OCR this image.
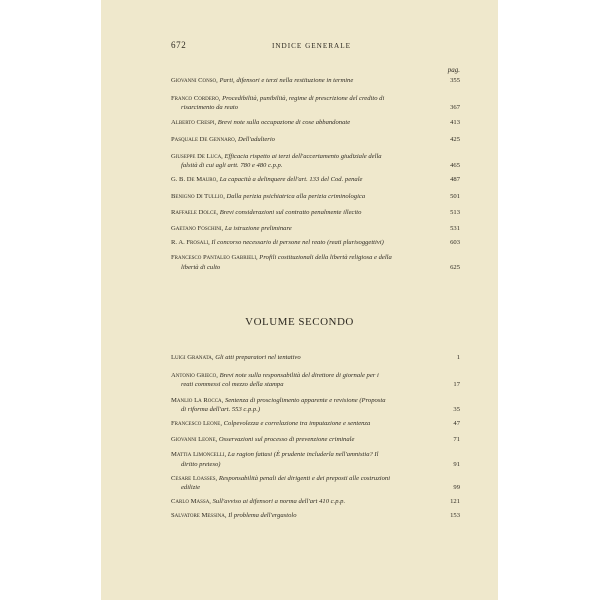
672	INDICE GENERALE
pag.
Giovanni Conso, Parti, difensori e terzi nella restituzione in termine	355
Franco Cordero, Procedibilità, punibilità, regime di prescrizione del credito di
risarcimento da reato	367
Alberto Crespi, Brevi note sulla occupazione di cose abbandonate	413
Pasquale De Gennaro, Dell'adulterio	425
Giuseppe De Luca, Efficacia rispetto ai terzi dell'accertamento giudiziale della
falsità di cui agli artt. 780 e 480 c.p.p.	465
G. B. De Mauro, La capacità a delinquere dell'art. 133 del Cod. penale	487
Benigno Di Tullio, Dalla perizia psichiatrica alla perizia criminologica	501
Raffaele Dolce, Brevi considerazioni sul contratto penalmente illecito	513
Gaetano Foschini, La istruzione preliminare	531
R. A. Frosali, Il concorso necessario di persone nel reato (reati plurisoggettivi)	603
Francesco Pantaleo Gabrieli, Profili costituzionali della libertà religiosa e della
libertà di culto	625
VOLUME SECONDO
Luigi Granata, Gli atti preparatori nel tentativo	1
Antonio Grieco, Brevi note sulla responsabilità del direttore di giornale per i
reati commessi col mezzo della stampa	17
Manlio La Rocca, Sentenza di proscioglimento apparente e revisione (Proposta
di riforma dell'art. 553 c.p.p.)	35
Francesco Leone, Colpevolezza e correlazione tra imputazione e sentenza	47
Giovanni Leone, Osservazioni sul processo di prevenzione criminale	71
Mattia Limoncelli, La ragion fattasi (È prudente includerla nell'amnistia? Il
diritto preteso)	91
Cesare Loasses, Responsabilità penali dei dirigenti e dei preposti alle costruzioni
edilizie	99
Carlo Massa, Sull'avviso ai difensori a norma dell'art 410 c.p.p.	121
Salvatore Messina, Il problema dell'ergastolo	153
